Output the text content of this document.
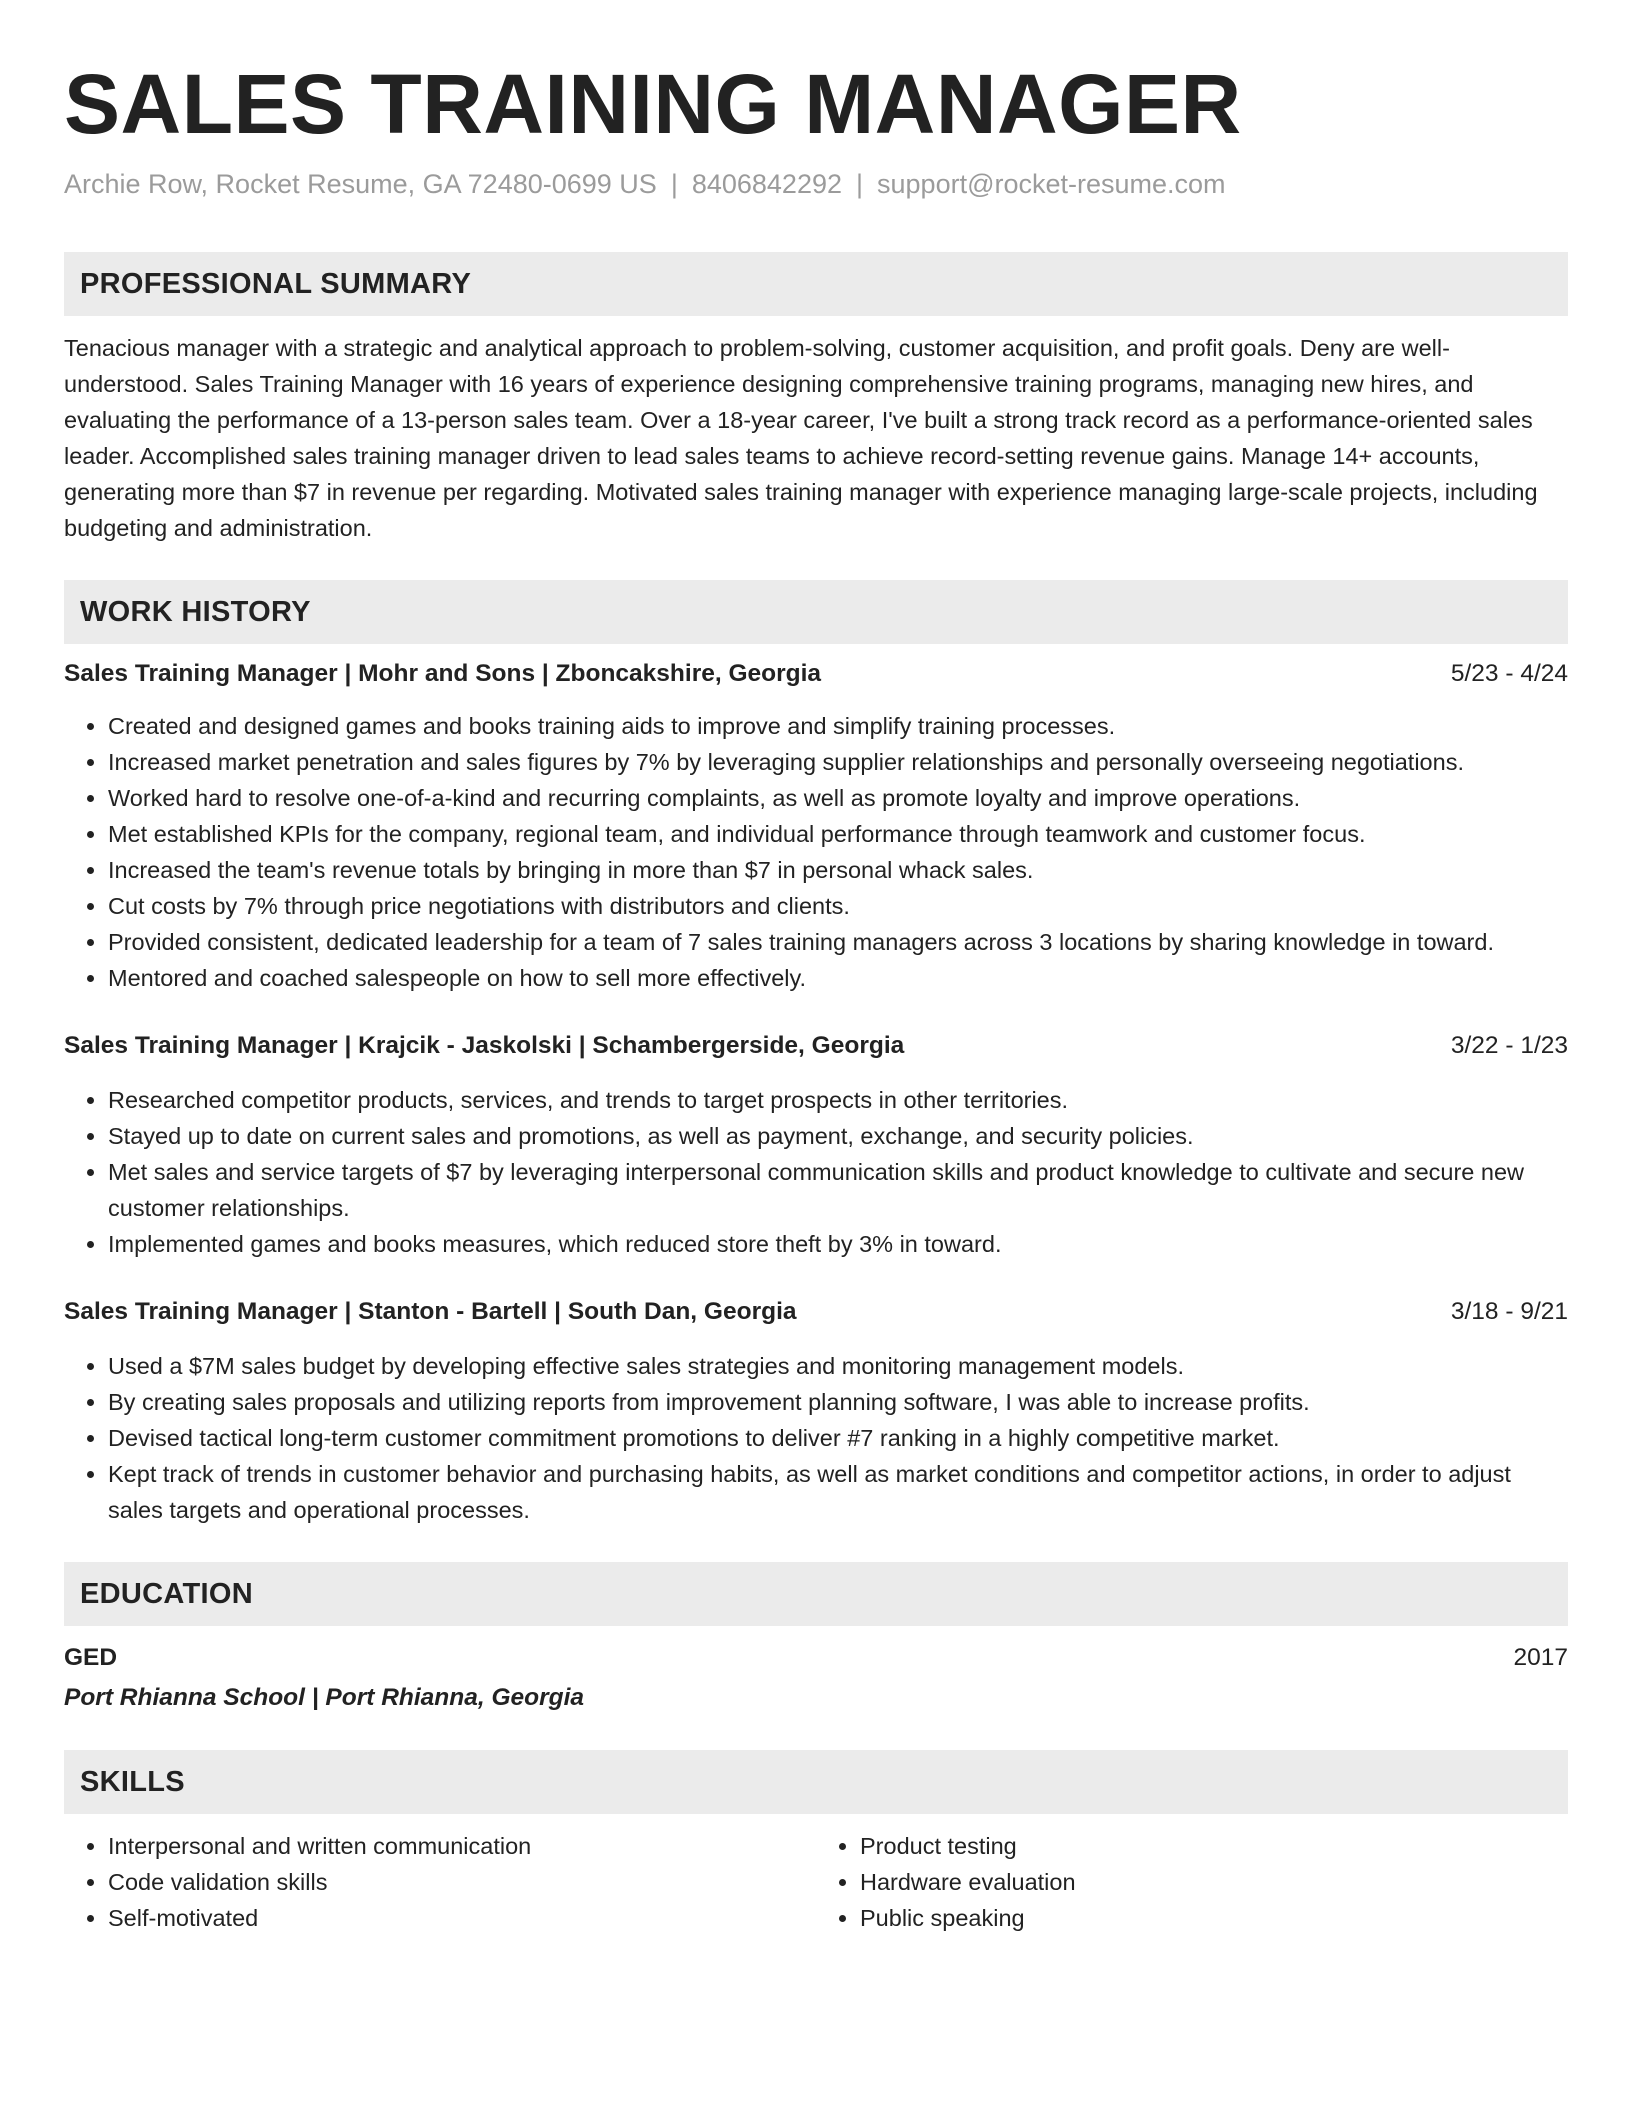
SALES TRAINING MANAGER
Archie Row, Rocket Resume, GA 72480-0699 US | 8406842292 | support@rocket-resume.com
PROFESSIONAL SUMMARY
Tenacious manager with a strategic and analytical approach to problem-solving, customer acquisition, and profit goals. Deny are well-understood. Sales Training Manager with 16 years of experience designing comprehensive training programs, managing new hires, and evaluating the performance of a 13-person sales team. Over a 18-year career, I've built a strong track record as a performance-oriented sales leader. Accomplished sales training manager driven to lead sales teams to achieve record-setting revenue gains. Manage 14+ accounts, generating more than $7 in revenue per regarding. Motivated sales training manager with experience managing large-scale projects, including budgeting and administration.
WORK HISTORY
Sales Training Manager | Mohr and Sons | Zboncakshire, Georgia	5/23 - 4/24
• Created and designed games and books training aids to improve and simplify training processes.
• Increased market penetration and sales figures by 7% by leveraging supplier relationships and personally overseeing negotiations.
• Worked hard to resolve one-of-a-kind and recurring complaints, as well as promote loyalty and improve operations.
• Met established KPIs for the company, regional team, and individual performance through teamwork and customer focus.
• Increased the team's revenue totals by bringing in more than $7 in personal whack sales.
• Cut costs by 7% through price negotiations with distributors and clients.
• Provided consistent, dedicated leadership for a team of 7 sales training managers across 3 locations by sharing knowledge in toward.
• Mentored and coached salespeople on how to sell more effectively.
Sales Training Manager | Krajcik - Jaskolski | Schambergerside, Georgia	3/22 - 1/23
• Researched competitor products, services, and trends to target prospects in other territories.
• Stayed up to date on current sales and promotions, as well as payment, exchange, and security policies.
• Met sales and service targets of $7 by leveraging interpersonal communication skills and product knowledge to cultivate and secure new customer relationships.
• Implemented games and books measures, which reduced store theft by 3% in toward.
Sales Training Manager | Stanton - Bartell | South Dan, Georgia	3/18 - 9/21
• Used a $7M sales budget by developing effective sales strategies and monitoring management models.
• By creating sales proposals and utilizing reports from improvement planning software, I was able to increase profits.
• Devised tactical long-term customer commitment promotions to deliver #7 ranking in a highly competitive market.
• Kept track of trends in customer behavior and purchasing habits, as well as market conditions and competitor actions, in order to adjust sales targets and operational processes.
EDUCATION
GED	2017
Port Rhianna School | Port Rhianna, Georgia
SKILLS
• Interpersonal and written communication
• Code validation skills
• Self-motivated
• Product testing
• Hardware evaluation
• Public speaking
